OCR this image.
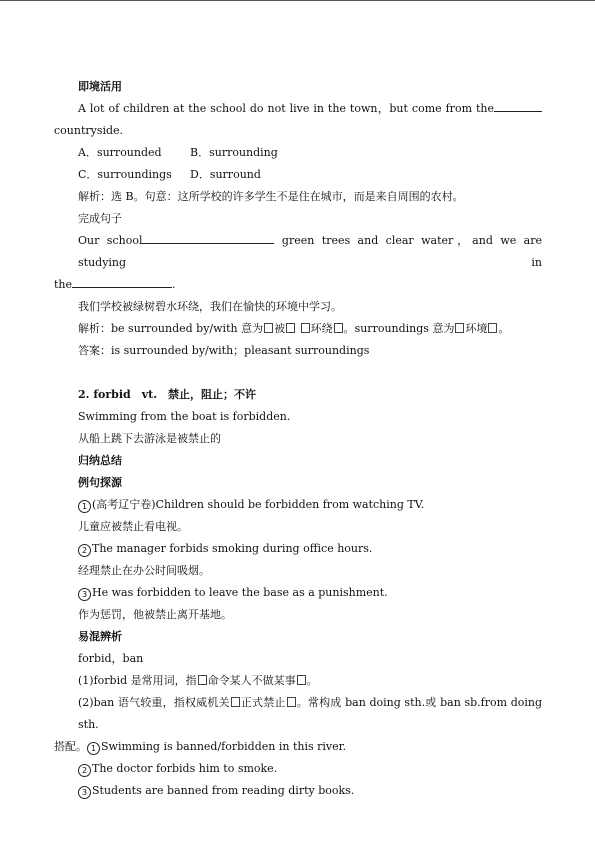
即境活用
A lot of children at the school do not live in the town，but come from the
countryside.
A．surrounded	B．surrounding
C．surroundings D．surround
解析：选 B。句意：这所学校的许多学生不是住在城市，而是来自周围的农村。
完成句子
Our school	green trees and clear water，and we are studying in
the	.
我们学校被绿树碧水环绕，我们在愉快的环境中学习。
解析：be surrounded by/with 意为 被 环绕 。surroundings 意为 环境 。
答案：is surrounded by/with；pleasant surroundings
2. forbid　vt.　禁止，阻止；不许
Swimming from the boat is forbidden.
从船上跳下去游泳是被禁止的
归纳总结
例句探源
1 (高考辽宁卷)Children should be forbidden from watching TV.
儿童应被禁止看电视。
2 The manager forbids smoking during office hours.
经理禁止在办公时间吸烟。
3 He was forbidden to leave the base as a punishment.
作为惩罚，他被禁止离开基地。
易混辨析
forbid，ban
(1)forbid 是常用词，指 命令某人不做某事 。
(2)ban 语气较重，指权威机关 正式禁止 。常构成 ban doing sth.或 ban sb.from doing sth.
搭配。 1 Swimming is banned/forbidden in this river.
2 The doctor forbids him to smoke.
3 Students are banned from reading dirty books.
